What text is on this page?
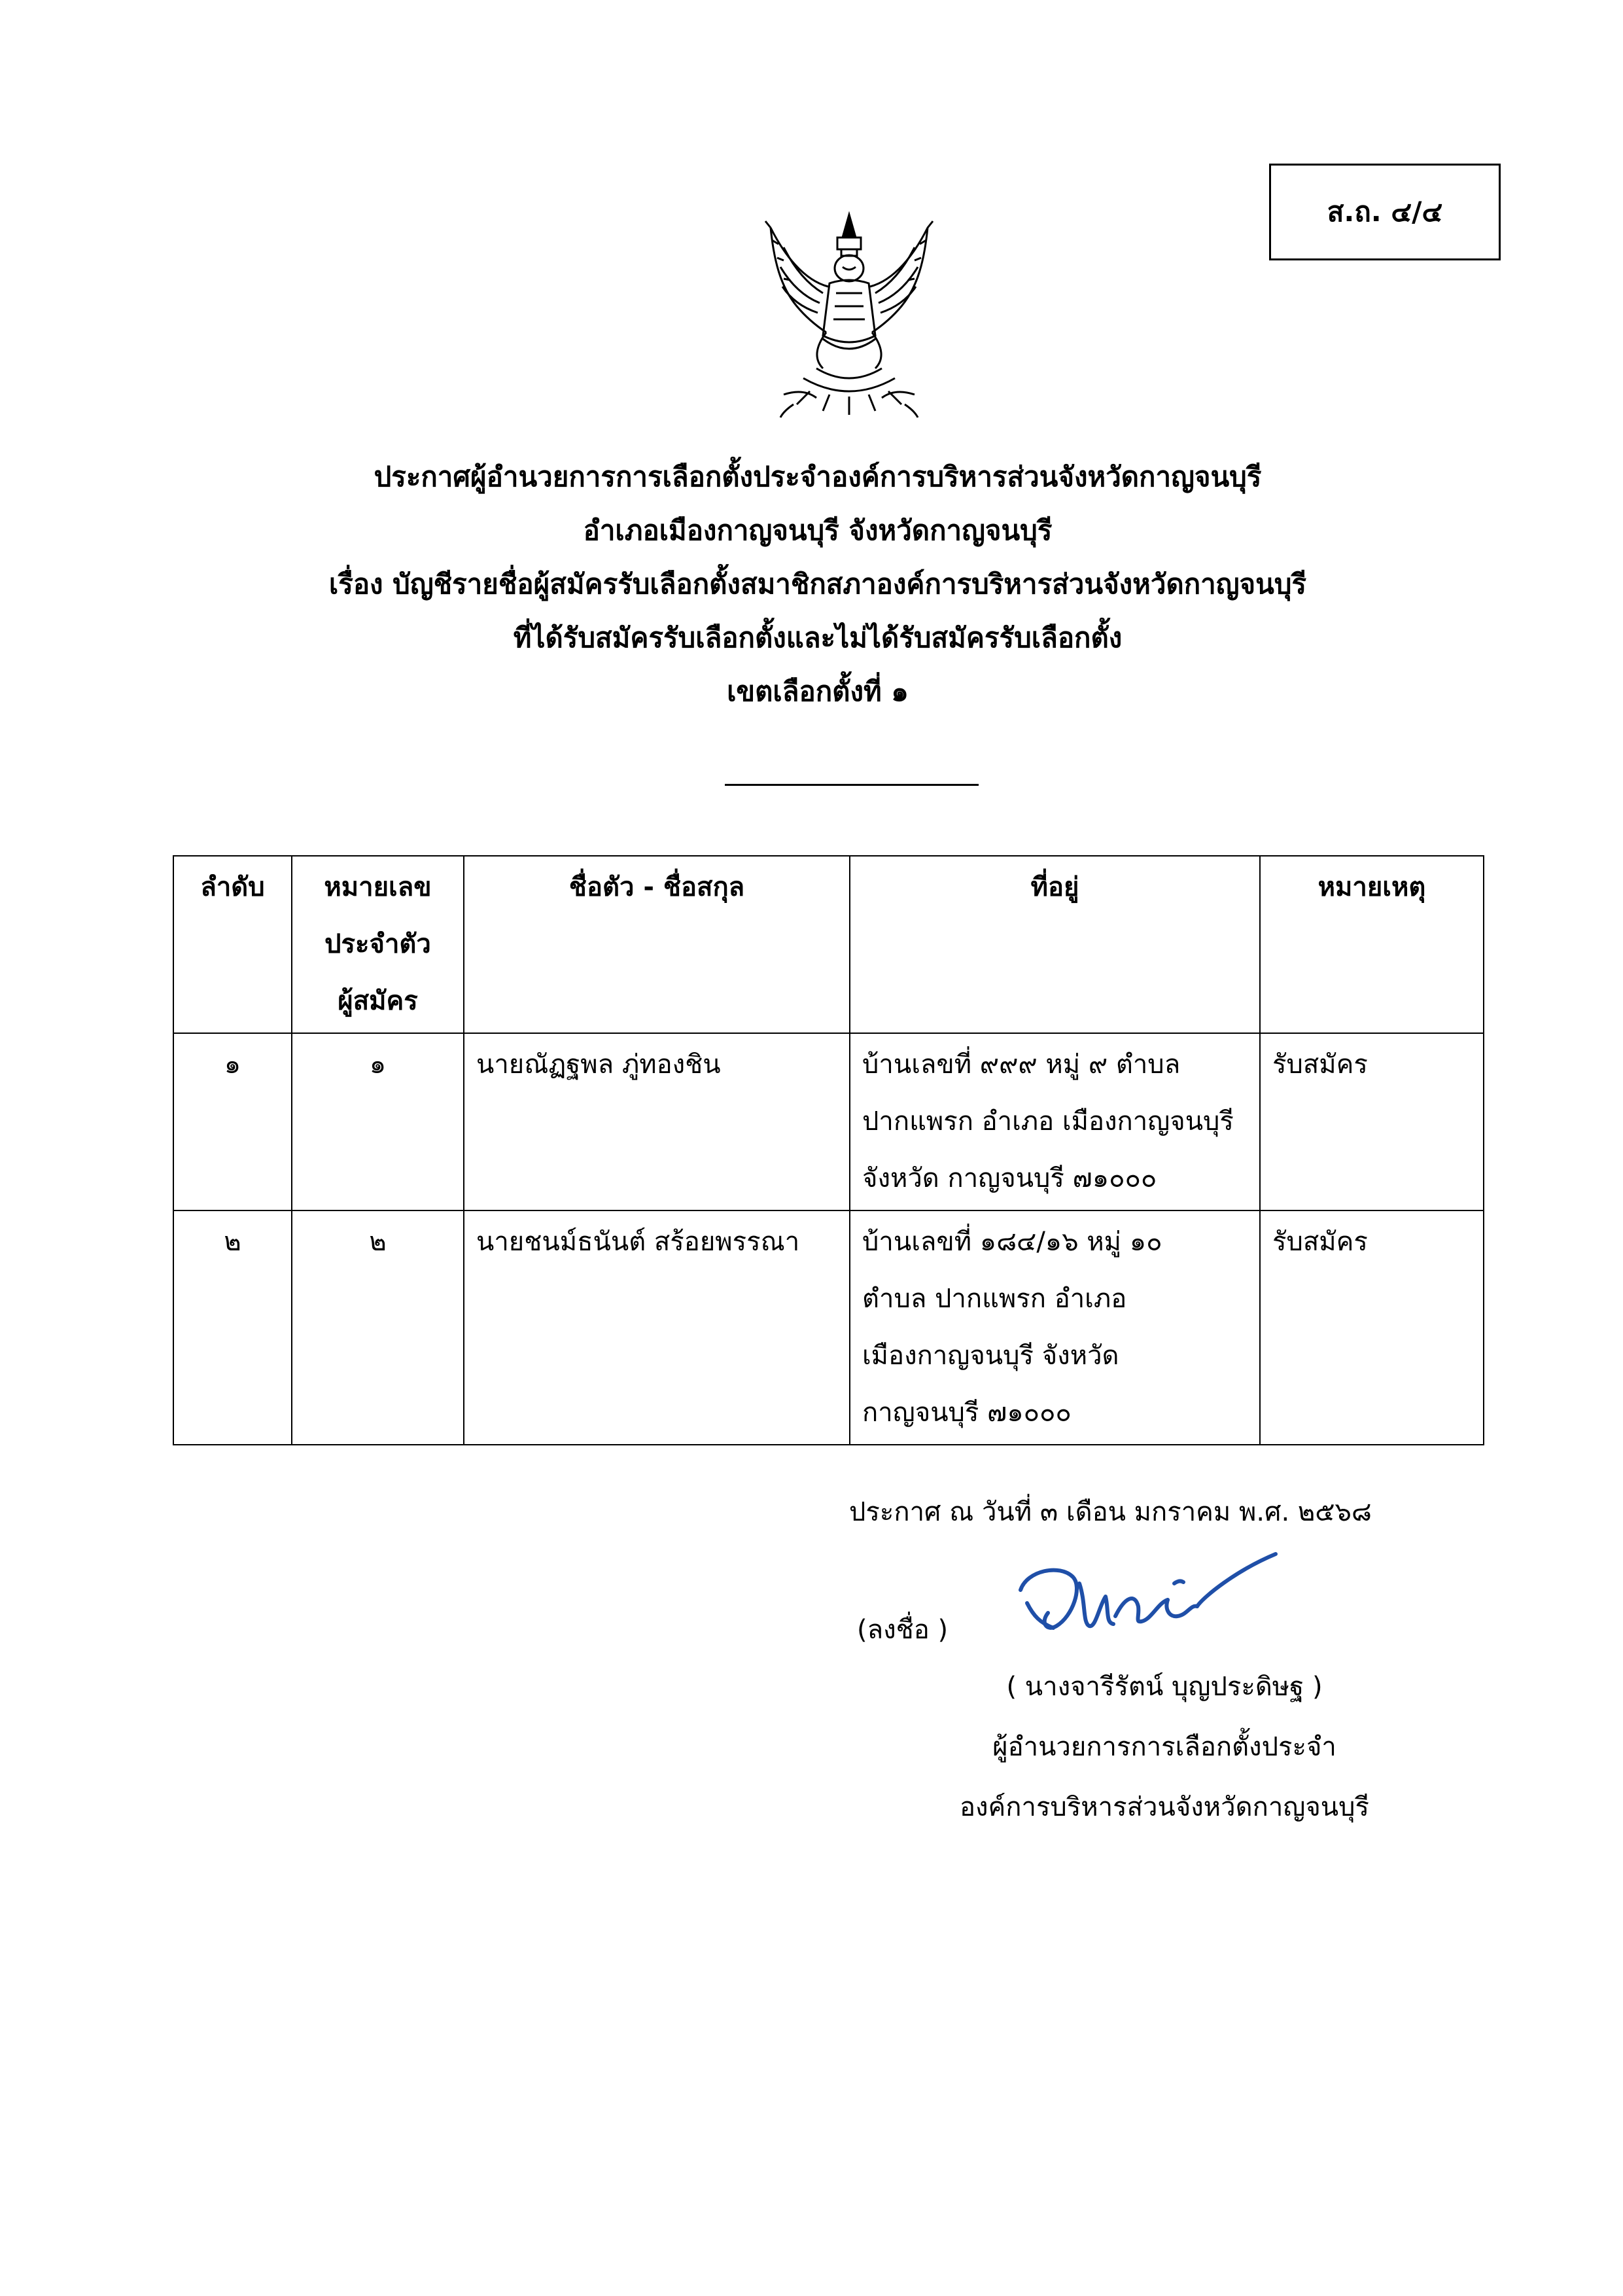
ส.ถ. ๔/๔
ประกาศผู้อำนวยการการเลือกตั้งประจำองค์การบริหารส่วนจังหวัดกาญจนบุรี
อำเภอเมืองกาญจนบุรี จังหวัดกาญจนบุรี
เรื่อง บัญชีรายชื่อผู้สมัครรับเลือกตั้งสมาชิกสภาองค์การบริหารส่วนจังหวัดกาญจนบุรี
ที่ได้รับสมัครรับเลือกตั้งและไม่ได้รับสมัครรับเลือกตั้ง
เขตเลือกตั้งที่ ๑
ลำดับ	หมายเลข
ประจำตัว
ผู้สมัคร	ชื่อตัว - ชื่อสกุล	ที่อยู่	หมายเหตุ
๑	๑	นายณัฏฐพล ภู่ทองชิน	บ้านเลขที่ ๙๙๙ หมู่ ๙ ตำบล
ปากแพรก อำเภอ เมืองกาญจนบุรี
จังหวัด กาญจนบุรี ๗๑๐๐๐	รับสมัคร
๒	๒	นายชนม์ธนันต์ สร้อยพรรณา	บ้านเลขที่ ๑๘๔/๑๖ หมู่ ๑๐
ตำบล ปากแพรก อำเภอ
เมืองกาญจนบุรี จังหวัด
กาญจนบุรี ๗๑๐๐๐	รับสมัคร
ประกาศ ณ วันที่ ๓ เดือน มกราคม พ.ศ. ๒๕๖๘
(ลงชื่อ )
( นางจารีรัตน์ บุญประดิษฐ )
ผู้อำนวยการการเลือกตั้งประจำ
องค์การบริหารส่วนจังหวัดกาญจนบุรี
